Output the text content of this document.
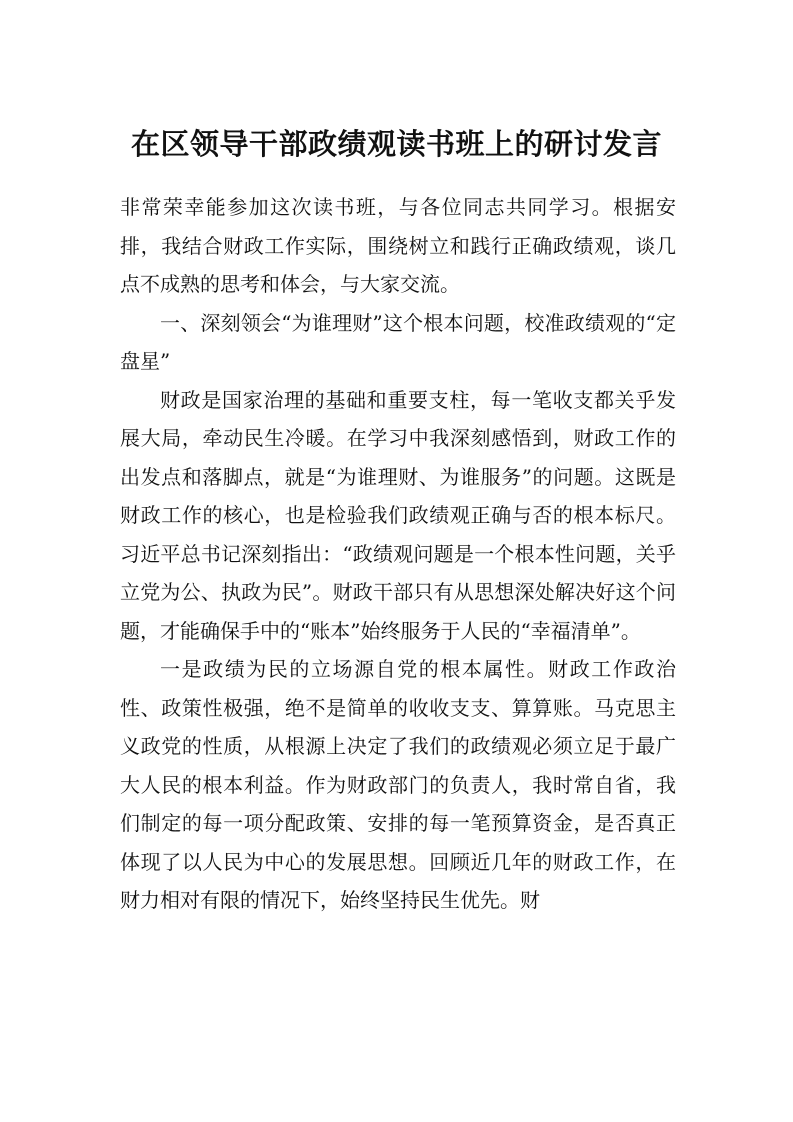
在区领导干部政绩观读书班上的研讨发言

非常荣幸能参加这次读书班，与各位同志共同学习。根据安排，我结合财政工作实际，围绕树立和践行正确政绩观，谈几点不成熟的思考和体会，与大家交流。

一、深刻领会“为谁理财”这个根本问题，校准政绩观的“定盘星”

财政是国家治理的基础和重要支柱，每一笔收支都关乎发展大局，牵动民生冷暖。在学习中我深刻感悟到，财政工作的出发点和落脚点，就是“为谁理财、为谁服务”的问题。这既是财政工作的核心，也是检验我们政绩观正确与否的根本标尺。习近平总书记深刻指出：“政绩观问题是一个根本性问题，关乎立党为公、执政为民”。财政干部只有从思想深处解决好这个问题，才能确保手中的“账本”始终服务于人民的“幸福清单”。

一是政绩为民的立场源自党的根本属性。财政工作政治性、政策性极强，绝不是简单的收收支支、算算账。马克思主义政党的性质，从根源上决定了我们的政绩观必须立足于最广大人民的根本利益。作为财政部门的负责人，我时常自省，我们制定的每一项分配政策、安排的每一笔预算资金，是否真正体现了以人民为中心的发展思想。回顾近几年的财政工作，在财力相对有限的情况下，始终坚持民生优先。财
